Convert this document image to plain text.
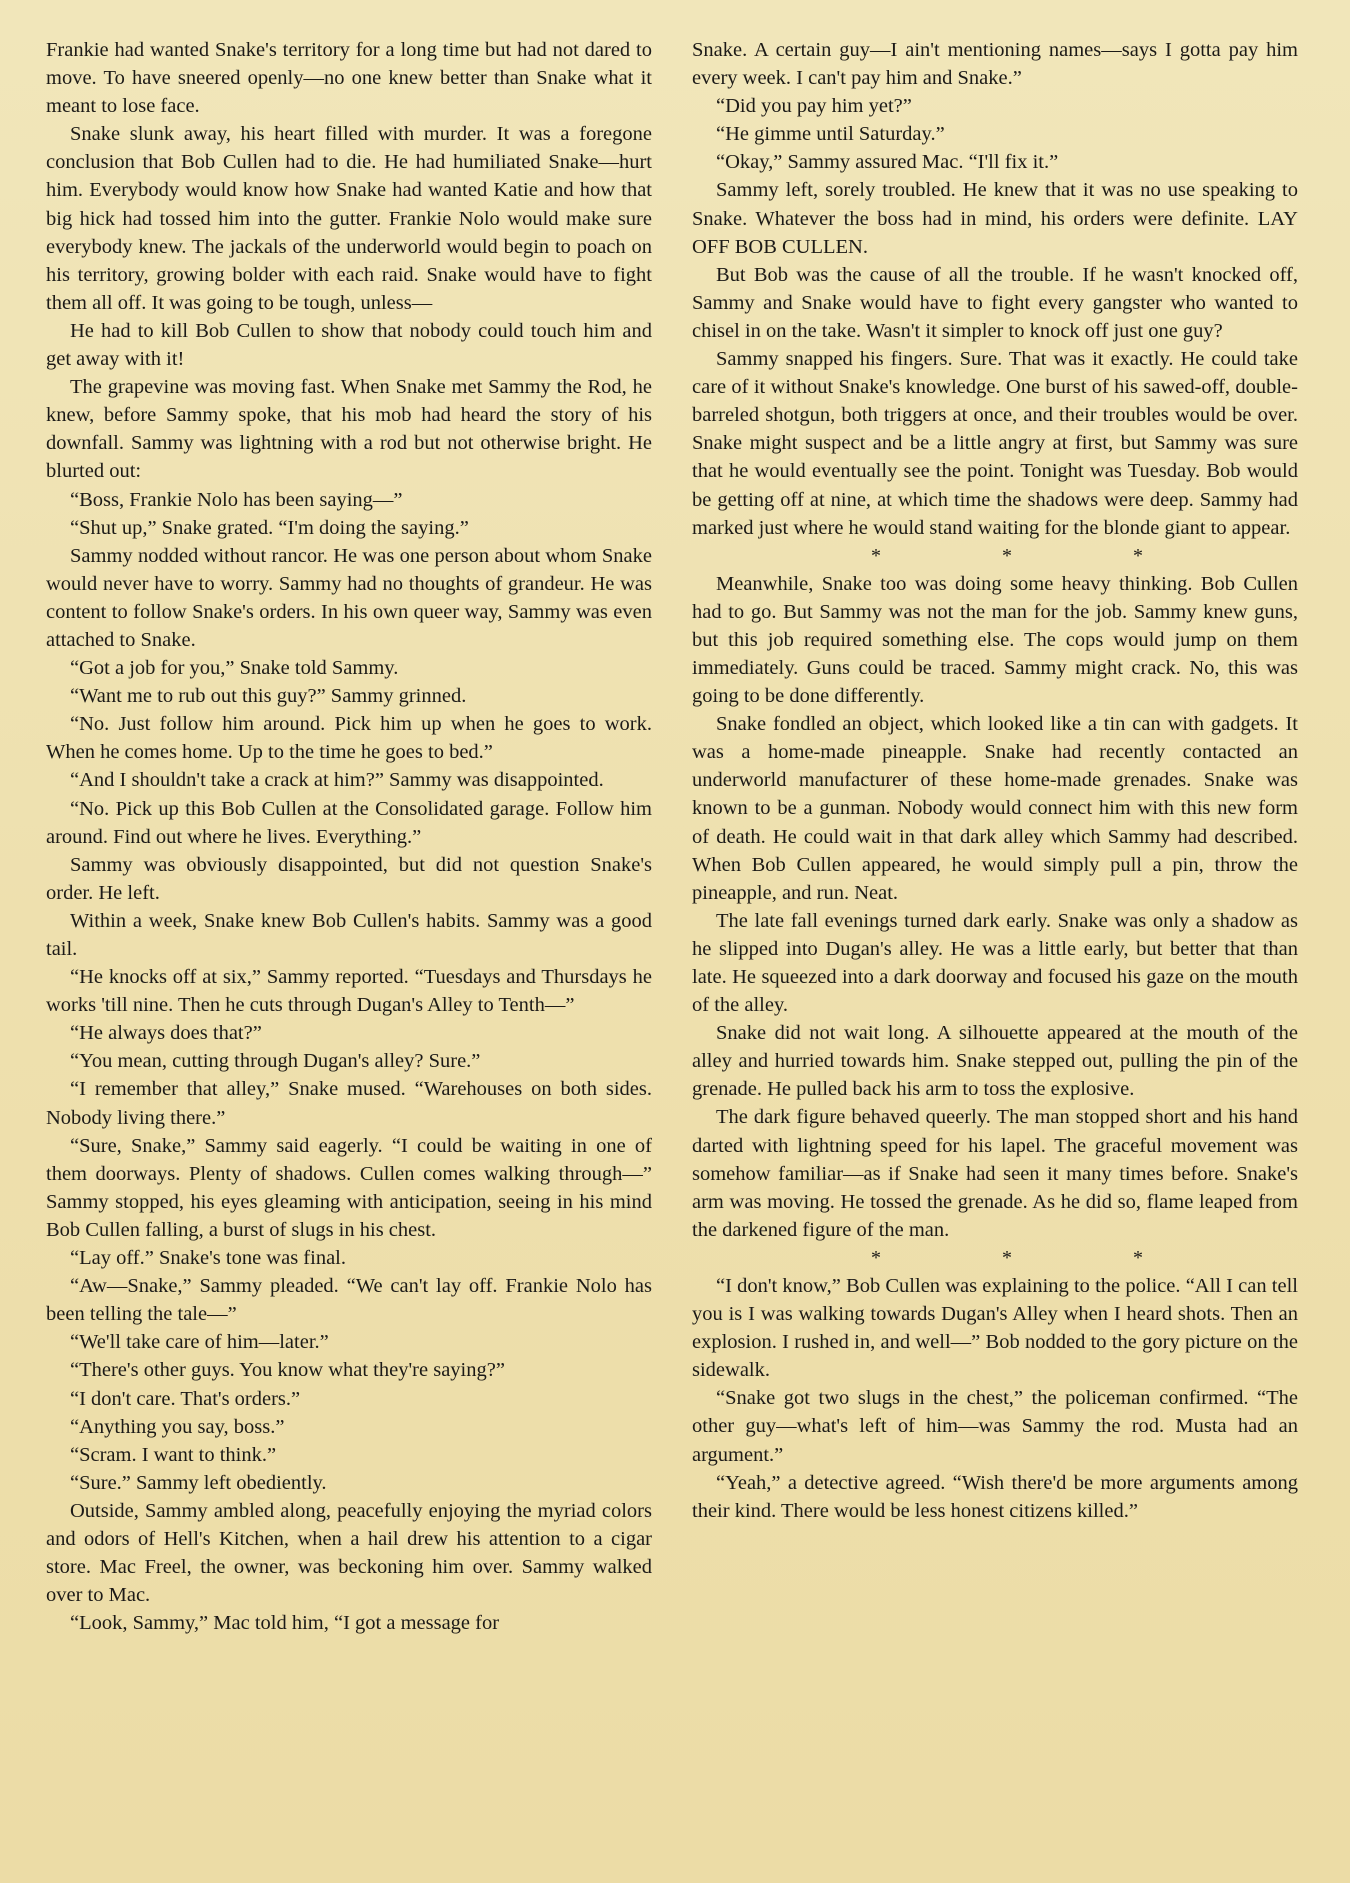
Frankie had wanted Snake's territory for a long time but had not dared to move. To have sneered openly—no one knew better than Snake what it meant to lose face.

Snake slunk away, his heart filled with murder. It was a foregone conclusion that Bob Cullen had to die. He had humiliated Snake—hurt him. Everybody would know how Snake had wanted Katie and how that big hick had tossed him into the gutter. Frankie Nolo would make sure everybody knew. The jackals of the underworld would begin to poach on his territory, growing bolder with each raid. Snake would have to fight them all off. It was going to be tough, unless—

He had to kill Bob Cullen to show that nobody could touch him and get away with it!

The grapevine was moving fast. When Snake met Sammy the Rod, he knew, before Sammy spoke, that his mob had heard the story of his downfall. Sammy was lightning with a rod but not otherwise bright. He blurted out:

“Boss, Frankie Nolo has been saying—”

“Shut up,” Snake grated. “I'm doing the saying.”

Sammy nodded without rancor. He was one person about whom Snake would never have to worry. Sammy had no thoughts of grandeur. He was content to follow Snake's orders. In his own queer way, Sammy was even attached to Snake.

“Got a job for you,” Snake told Sammy.

“Want me to rub out this guy?” Sammy grinned.

“No. Just follow him around. Pick him up when he goes to work. When he comes home. Up to the time he goes to bed.”

“And I shouldn't take a crack at him?” Sammy was disappointed.

“No. Pick up this Bob Cullen at the Consolidated garage. Follow him around. Find out where he lives. Everything.”

Sammy was obviously disappointed, but did not question Snake's order. He left.

Within a week, Snake knew Bob Cullen's habits. Sammy was a good tail.

“He knocks off at six,” Sammy reported. “Tuesdays and Thursdays he works 'till nine. Then he cuts through Dugan's Alley to Tenth—”

“He always does that?”

“You mean, cutting through Dugan's alley? Sure.”

“I remember that alley,” Snake mused. “Warehouses on both sides. Nobody living there.”

“Sure, Snake,” Sammy said eagerly. “I could be waiting in one of them doorways. Plenty of shadows. Cullen comes walking through—” Sammy stopped, his eyes gleaming with anticipation, seeing in his mind Bob Cullen falling, a burst of slugs in his chest.

“Lay off.” Snake's tone was final.

“Aw—Snake,” Sammy pleaded. “We can't lay off. Frankie Nolo has been telling the tale—”

“We'll take care of him—later.”

“There's other guys. You know what they're saying?”

“I don't care. That's orders.”

“Anything you say, boss.”

“Scram. I want to think.”

“Sure.” Sammy left obediently.

Outside, Sammy ambled along, peacefully enjoying the myriad colors and odors of Hell's Kitchen, when a hail drew his attention to a cigar store. Mac Freel, the owner, was beckoning him over. Sammy walked over to Mac.

“Look, Sammy,” Mac told him, “I got a message for

Snake. A certain guy—I ain't mentioning names—says I gotta pay him every week. I can't pay him and Snake.”

“Did you pay him yet?”

“He gimme until Saturday.”

“Okay,” Sammy assured Mac. “I'll fix it.”

Sammy left, sorely troubled. He knew that it was no use speaking to Snake. Whatever the boss had in mind, his orders were definite. LAY OFF BOB CULLEN.

But Bob was the cause of all the trouble. If he wasn't knocked off, Sammy and Snake would have to fight every gangster who wanted to chisel in on the take. Wasn't it simpler to knock off just one guy?

Sammy snapped his fingers. Sure. That was it exactly. He could take care of it without Snake's knowledge. One burst of his sawed-off, double-barreled shotgun, both triggers at once, and their troubles would be over. Snake might suspect and be a little angry at first, but Sammy was sure that he would eventually see the point. Tonight was Tuesday. Bob would be getting off at nine, at which time the shadows were deep. Sammy had marked just where he would stand waiting for the blonde giant to appear.

* * *

Meanwhile, Snake too was doing some heavy thinking. Bob Cullen had to go. But Sammy was not the man for the job. Sammy knew guns, but this job required something else. The cops would jump on them immediately. Guns could be traced. Sammy might crack. No, this was going to be done differently.

Snake fondled an object, which looked like a tin can with gadgets. It was a home-made pineapple. Snake had recently contacted an underworld manufacturer of these home-made grenades. Snake was known to be a gunman. Nobody would connect him with this new form of death. He could wait in that dark alley which Sammy had described. When Bob Cullen appeared, he would simply pull a pin, throw the pineapple, and run. Neat.

The late fall evenings turned dark early. Snake was only a shadow as he slipped into Dugan's alley. He was a little early, but better that than late. He squeezed into a dark doorway and focused his gaze on the mouth of the alley.

Snake did not wait long. A silhouette appeared at the mouth of the alley and hurried towards him. Snake stepped out, pulling the pin of the grenade. He pulled back his arm to toss the explosive.

The dark figure behaved queerly. The man stopped short and his hand darted with lightning speed for his lapel. The graceful movement was somehow familiar—as if Snake had seen it many times before. Snake's arm was moving. He tossed the grenade. As he did so, flame leaped from the darkened figure of the man.

* * *

“I don't know,” Bob Cullen was explaining to the police. “All I can tell you is I was walking towards Dugan's Alley when I heard shots. Then an explosion. I rushed in, and well—” Bob nodded to the gory picture on the sidewalk.

“Snake got two slugs in the chest,” the policeman confirmed. “The other guy—what's left of him—was Sammy the rod. Musta had an argument.”

“Yeah,” a detective agreed. “Wish there'd be more arguments among their kind. There would be less honest citizens killed.”
